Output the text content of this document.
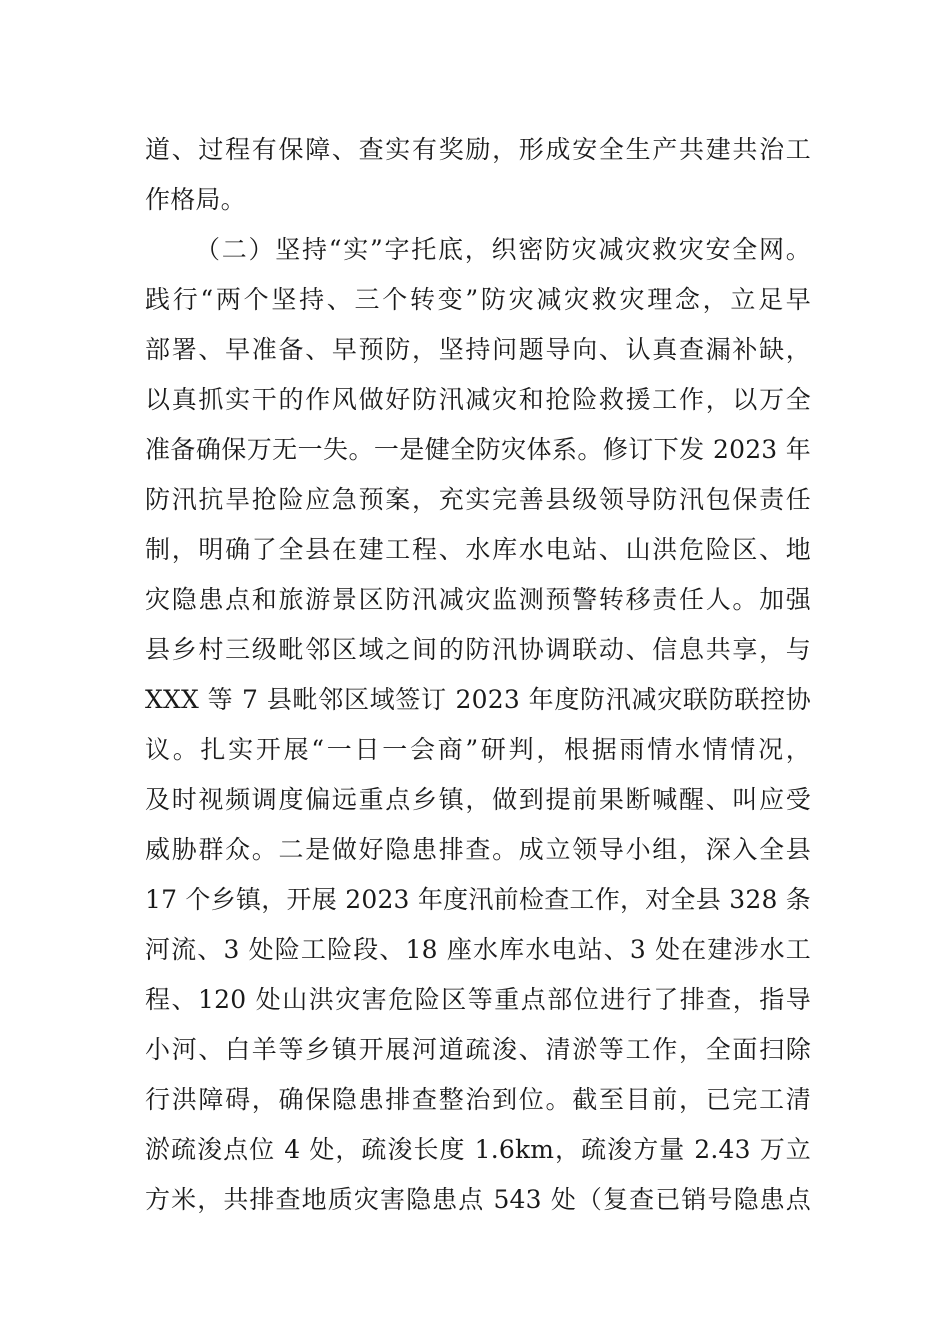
道、过程有保障、查实有奖励，形成安全生产共建共治工
作格局。
（二）坚持“实”字托底，织密防灾减灾救灾安全网。
践行“两个坚持、三个转变”防灾减灾救灾理念，立足早
部署、早准备、早预防，坚持问题导向、认真查漏补缺，
以真抓实干的作风做好防汛减灾和抢险救援工作，以万全
准备确保万无一失。一是健全防灾体系。修订下发 2023 年
防汛抗旱抢险应急预案，充实完善县级领导防汛包保责任
制，明确了全县在建工程、水库水电站、山洪危险区、地
灾隐患点和旅游景区防汛减灾监测预警转移责任人。加强
县乡村三级毗邻区域之间的防汛协调联动、信息共享，与
XXX 等 7 县毗邻区域签订 2023 年度防汛减灾联防联控协
议。扎实开展“一日一会商”研判，根据雨情水情情况，
及时视频调度偏远重点乡镇，做到提前果断喊醒、叫应受
威胁群众。二是做好隐患排查。成立领导小组，深入全县
17 个乡镇，开展 2023 年度汛前检查工作，对全县 328 条
河流、3 处险工险段、18 座水库水电站、3 处在建涉水工
程、120 处山洪灾害危险区等重点部位进行了排查，指导
小河、白羊等乡镇开展河道疏浚、清淤等工作，全面扫除
行洪障碍，确保隐患排查整治到位。截至目前，已完工清
淤疏浚点位 4 处，疏浚长度 1.6km，疏浚方量 2.43 万立
方米，共排查地质灾害隐患点 543 处（复查已销号隐患点
